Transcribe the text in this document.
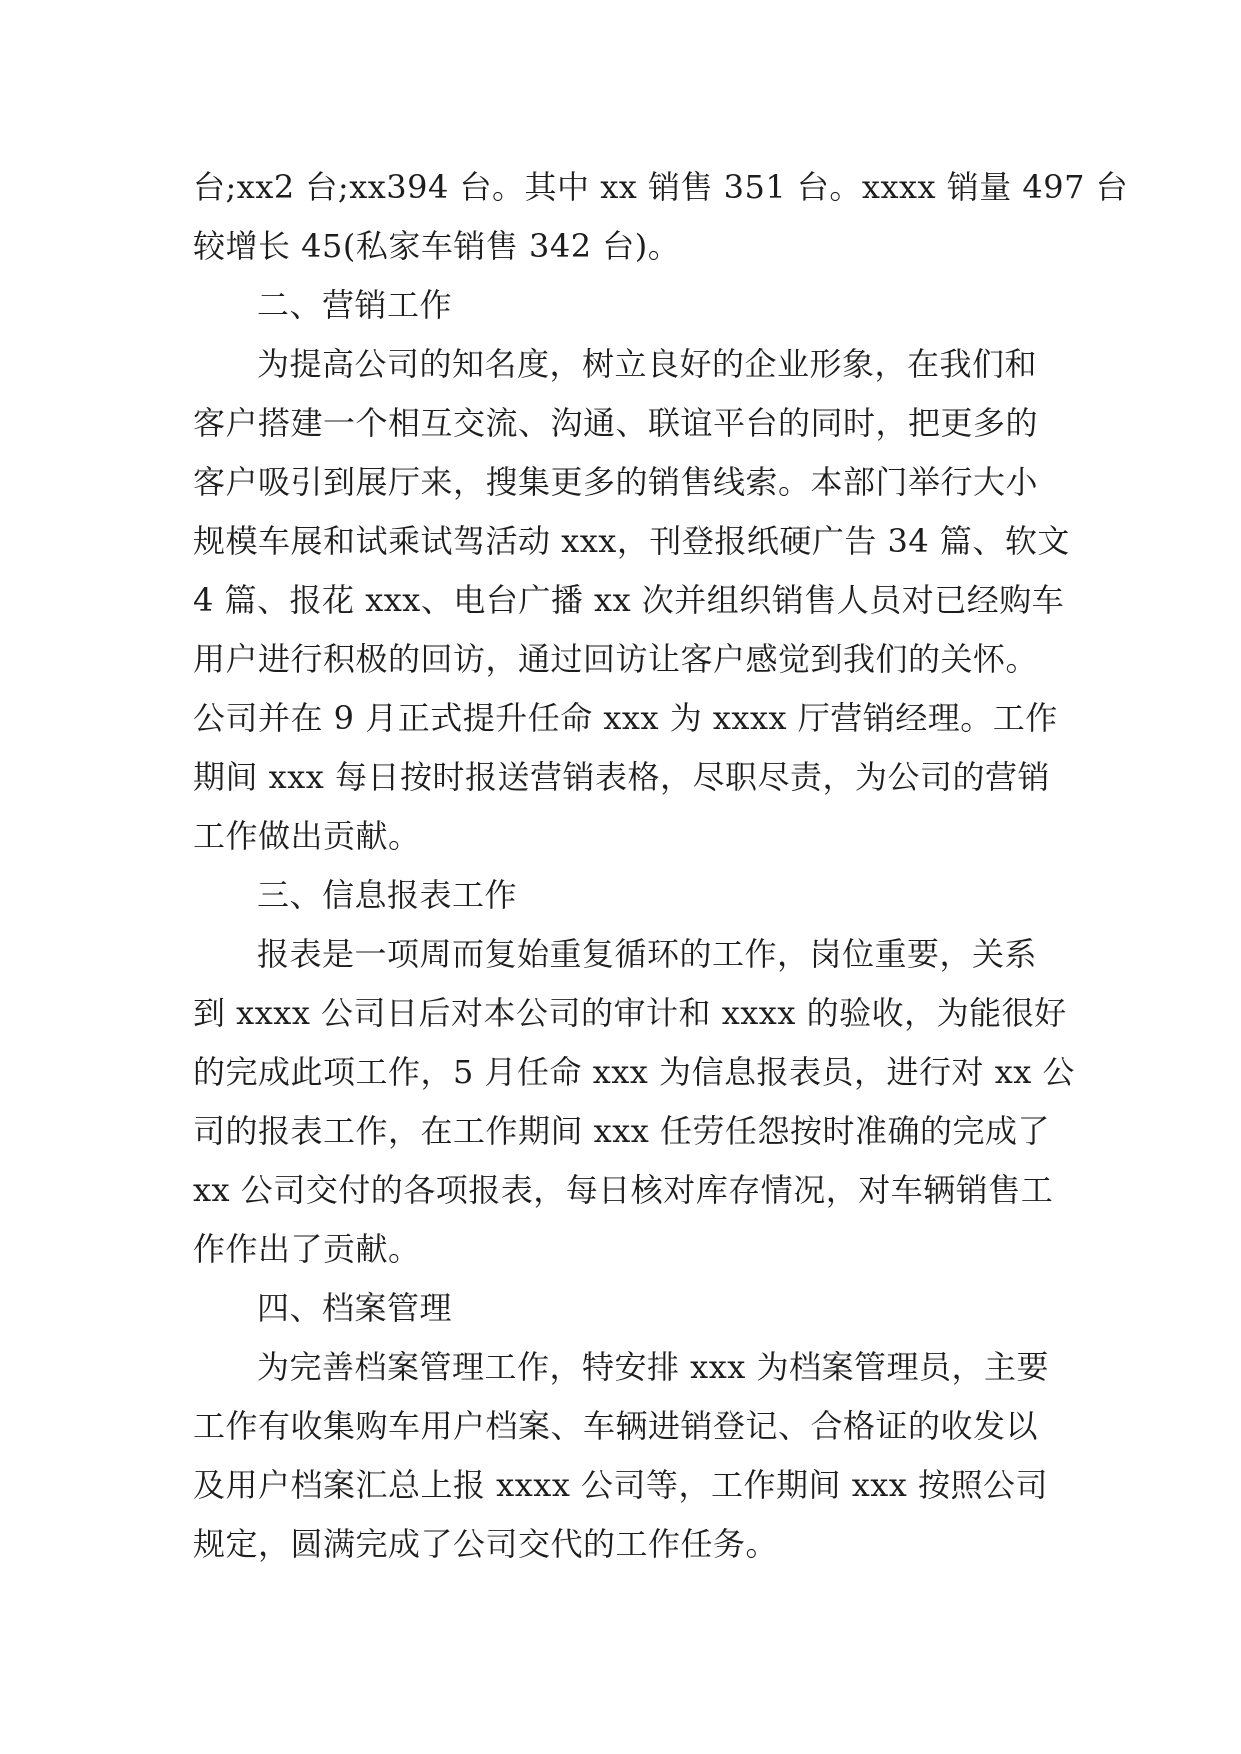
台;xx2 台;xx394 台。其中 xx 销售 351 台。xxxx 销量 497 台
较增长 45(私家车销售 342 台)。
二、营销工作
为提高公司的知名度，树立良好的企业形象，在我们和
客户搭建一个相互交流、沟通、联谊平台的同时，把更多的
客户吸引到展厅来，搜集更多的销售线索。本部门举行大小
规模车展和试乘试驾活动 xxx，刊登报纸硬广告 34 篇、软文
4 篇、报花 xxx、电台广播 xx 次并组织销售人员对已经购车
用户进行积极的回访，通过回访让客户感觉到我们的关怀。
公司并在 9 月正式提升任命 xxx 为 xxxx 厅营销经理。工作
期间 xxx 每日按时报送营销表格，尽职尽责，为公司的营销
工作做出贡献。
三、信息报表工作
报表是一项周而复始重复循环的工作，岗位重要，关系
到 xxxx 公司日后对本公司的审计和 xxxx 的验收，为能很好
的完成此项工作，5 月任命 xxx 为信息报表员，进行对 xx 公
司的报表工作，在工作期间 xxx 任劳任怨按时准确的完成了
xx 公司交付的各项报表，每日核对库存情况，对车辆销售工
作作出了贡献。
四、档案管理
为完善档案管理工作，特安排 xxx 为档案管理员，主要
工作有收集购车用户档案、车辆进销登记、合格证的收发以
及用户档案汇总上报 xxxx 公司等，工作期间 xxx 按照公司
规定，圆满完成了公司交代的工作任务。
